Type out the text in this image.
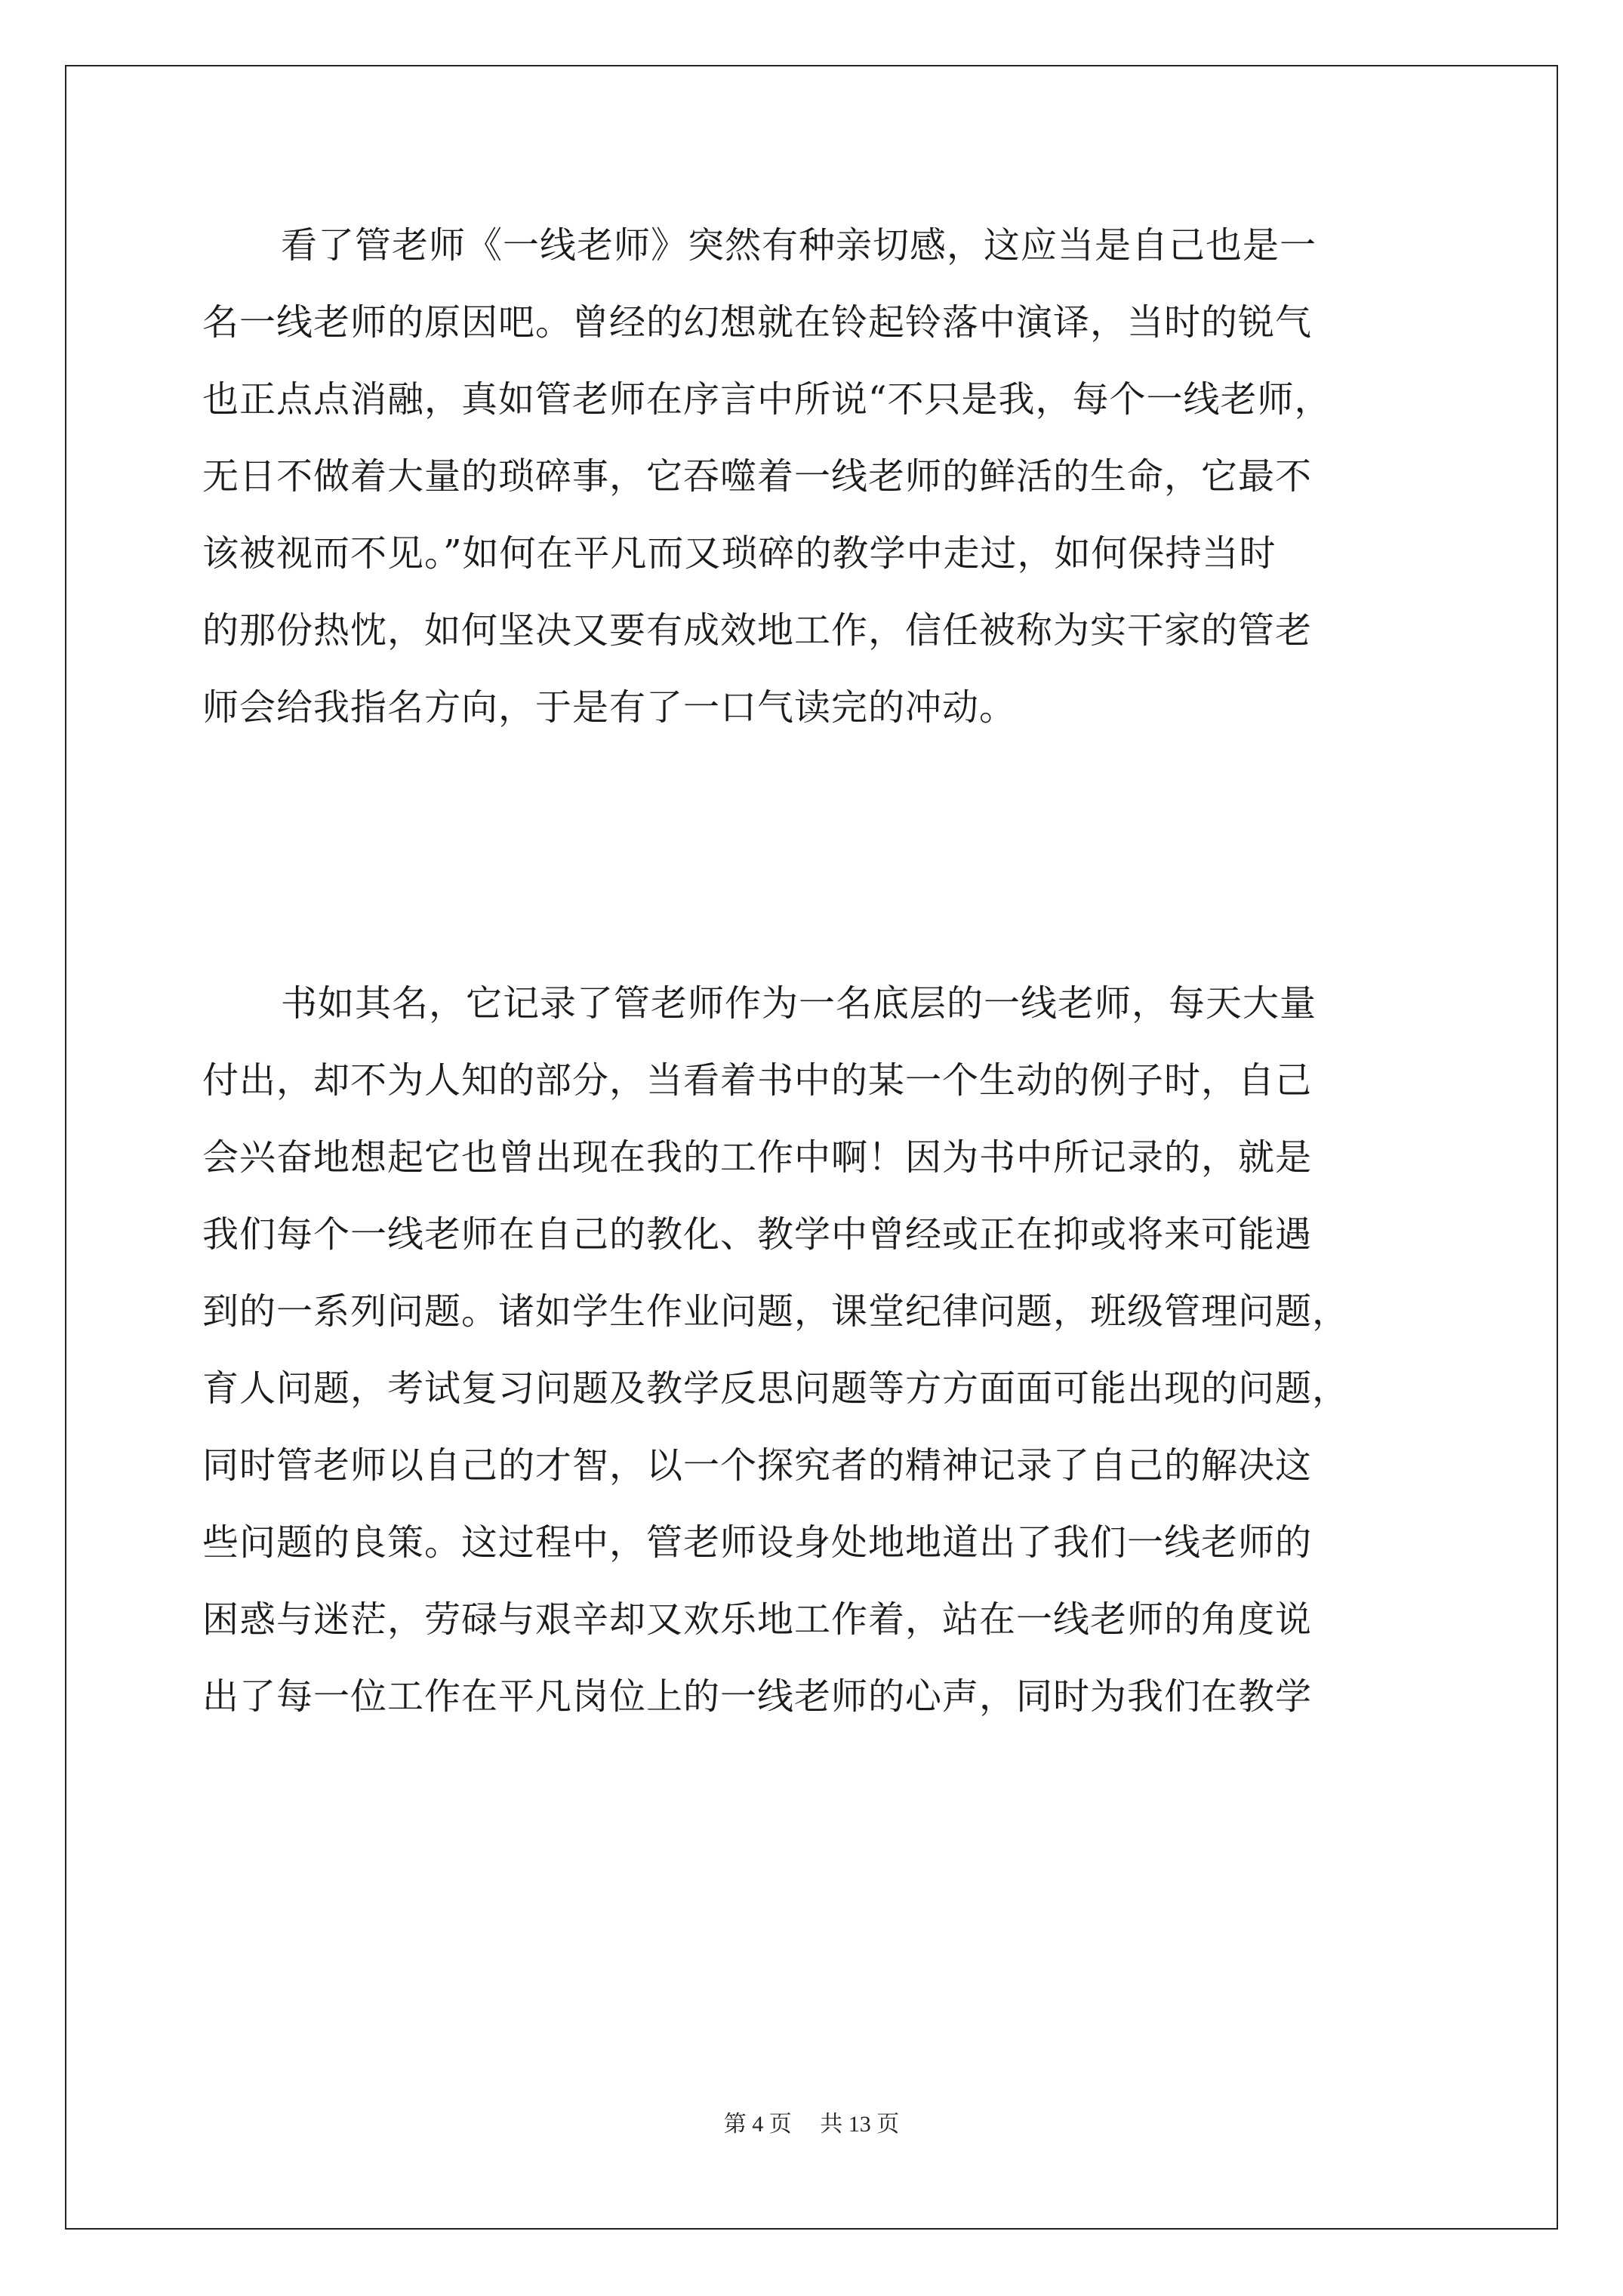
看了管老师《一线老师》突然有种亲切感，这应当是自己也是一
名一线老师的原因吧。曾经的幻想就在铃起铃落中演译，当时的锐气
也正点点消融，真如管老师在序言中所说“不只是我，每个一线老师，
无日不做着大量的琐碎事，它吞噬着一线老师的鲜活的生命，它最不
该被视而不见。”如何在平凡而又琐碎的教学中走过，如何保持当时
的那份热忱，如何坚决又要有成效地工作，信任被称为实干家的管老
师会给我指名方向，于是有了一口气读完的冲动。
书如其名，它记录了管老师作为一名底层的一线老师，每天大量
付出，却不为人知的部分，当看着书中的某一个生动的例子时，自己
会兴奋地想起它也曾出现在我的工作中啊！因为书中所记录的，就是
我们每个一线老师在自己的教化、教学中曾经或正在抑或将来可能遇
到的一系列问题。诸如学生作业问题，课堂纪律问题，班级管理问题，
育人问题，考试复习问题及教学反思问题等方方面面可能出现的问题，
同时管老师以自己的才智，以一个探究者的精神记录了自己的解决这
些问题的良策。这过程中，管老师设身处地地道出了我们一线老师的
困惑与迷茫，劳碌与艰辛却又欢乐地工作着，站在一线老师的角度说
出了每一位工作在平凡岗位上的一线老师的心声，同时为我们在教学
第 4 页　 共 13 页
